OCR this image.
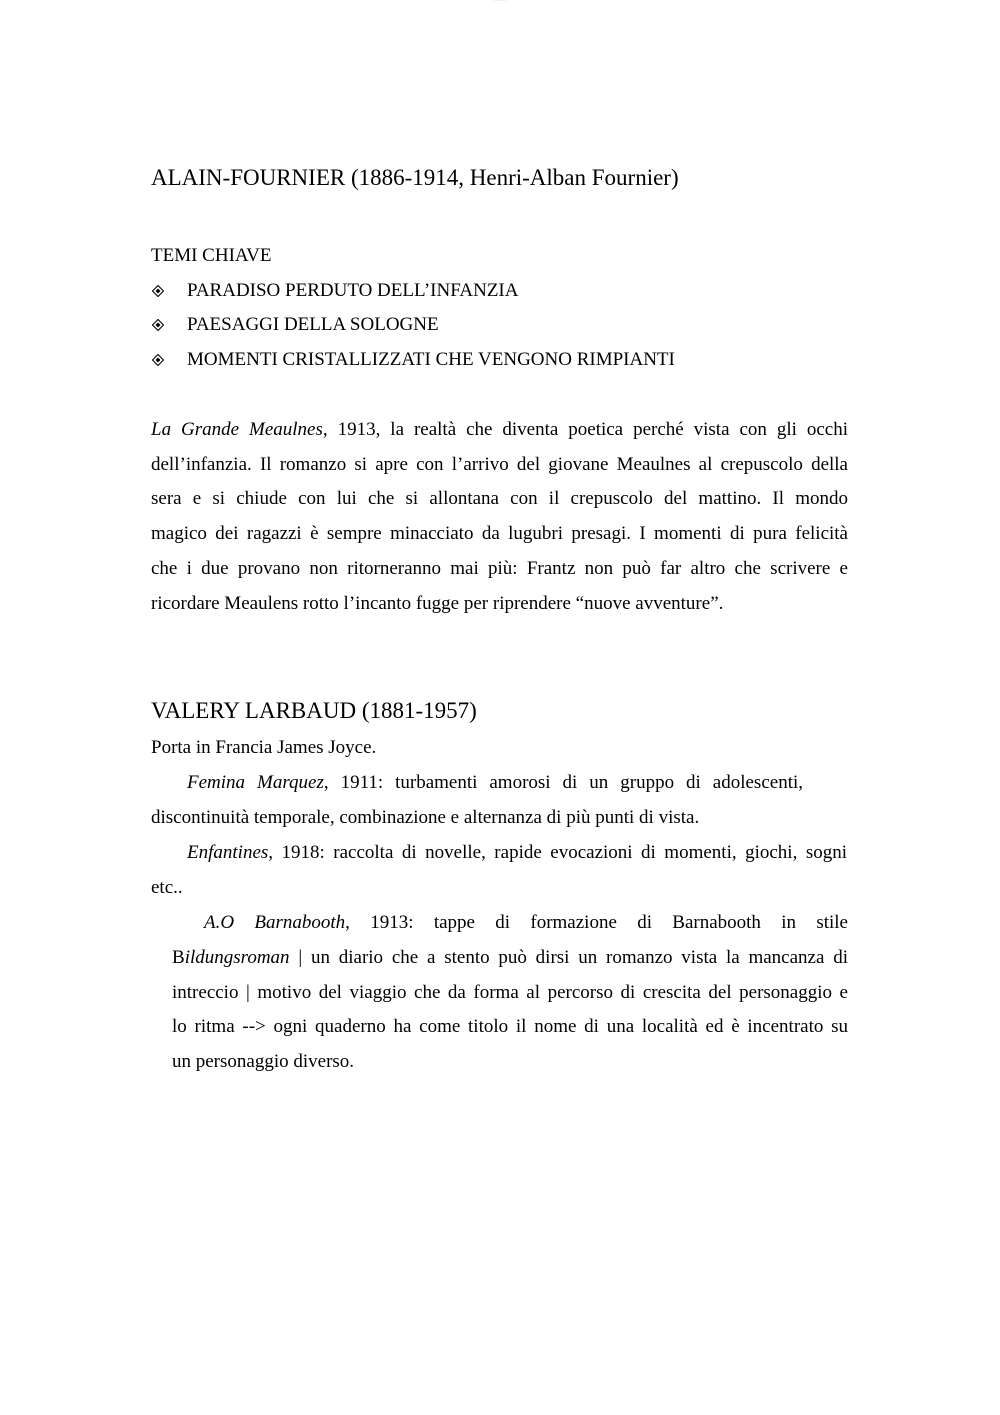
──────
ALAIN-FOURNIER (1886-1914, Henri-Alban Fournier)
TEMI CHIAVE
PARADISO PERDUTO DELL’INFANZIA
PAESAGGI DELLA SOLOGNE
MOMENTI CRISTALLIZZATI CHE VENGONO RIMPIANTI
La Grande Meaulnes, 1913, la realtà che diventa poetica perché vista con gli occhi
dell’infanzia. Il romanzo si apre con l’arrivo del giovane Meaulnes al crepuscolo della
sera e si chiude con lui che si allontana con il crepuscolo del mattino. Il mondo
magico dei ragazzi è sempre minacciato da lugubri presagi. I momenti di pura felicità
che i due provano non ritorneranno mai più: Frantz non può far altro che scrivere e
ricordare Meaulens rotto l’incanto fugge per riprendere “nuove avventure”.
VALERY LARBAUD (1881-1957)
Porta in Francia James Joyce.
Femina Marquez, 1911: turbamenti amorosi di un gruppo di adolescenti,
discontinuità temporale, combinazione e alternanza di più punti di vista.
Enfantines, 1918: raccolta di novelle, rapide evocazioni di momenti, giochi, sogni
etc..
A.O Barnabooth, 1913: tappe di formazione di Barnabooth in stile
Bildungsroman | un diario che a stento può dirsi un romanzo vista la mancanza di
intreccio | motivo del viaggio che da forma al percorso di crescita del personaggio e
lo ritma --> ogni quaderno ha come titolo il nome di una località ed è incentrato su
un personaggio diverso.
